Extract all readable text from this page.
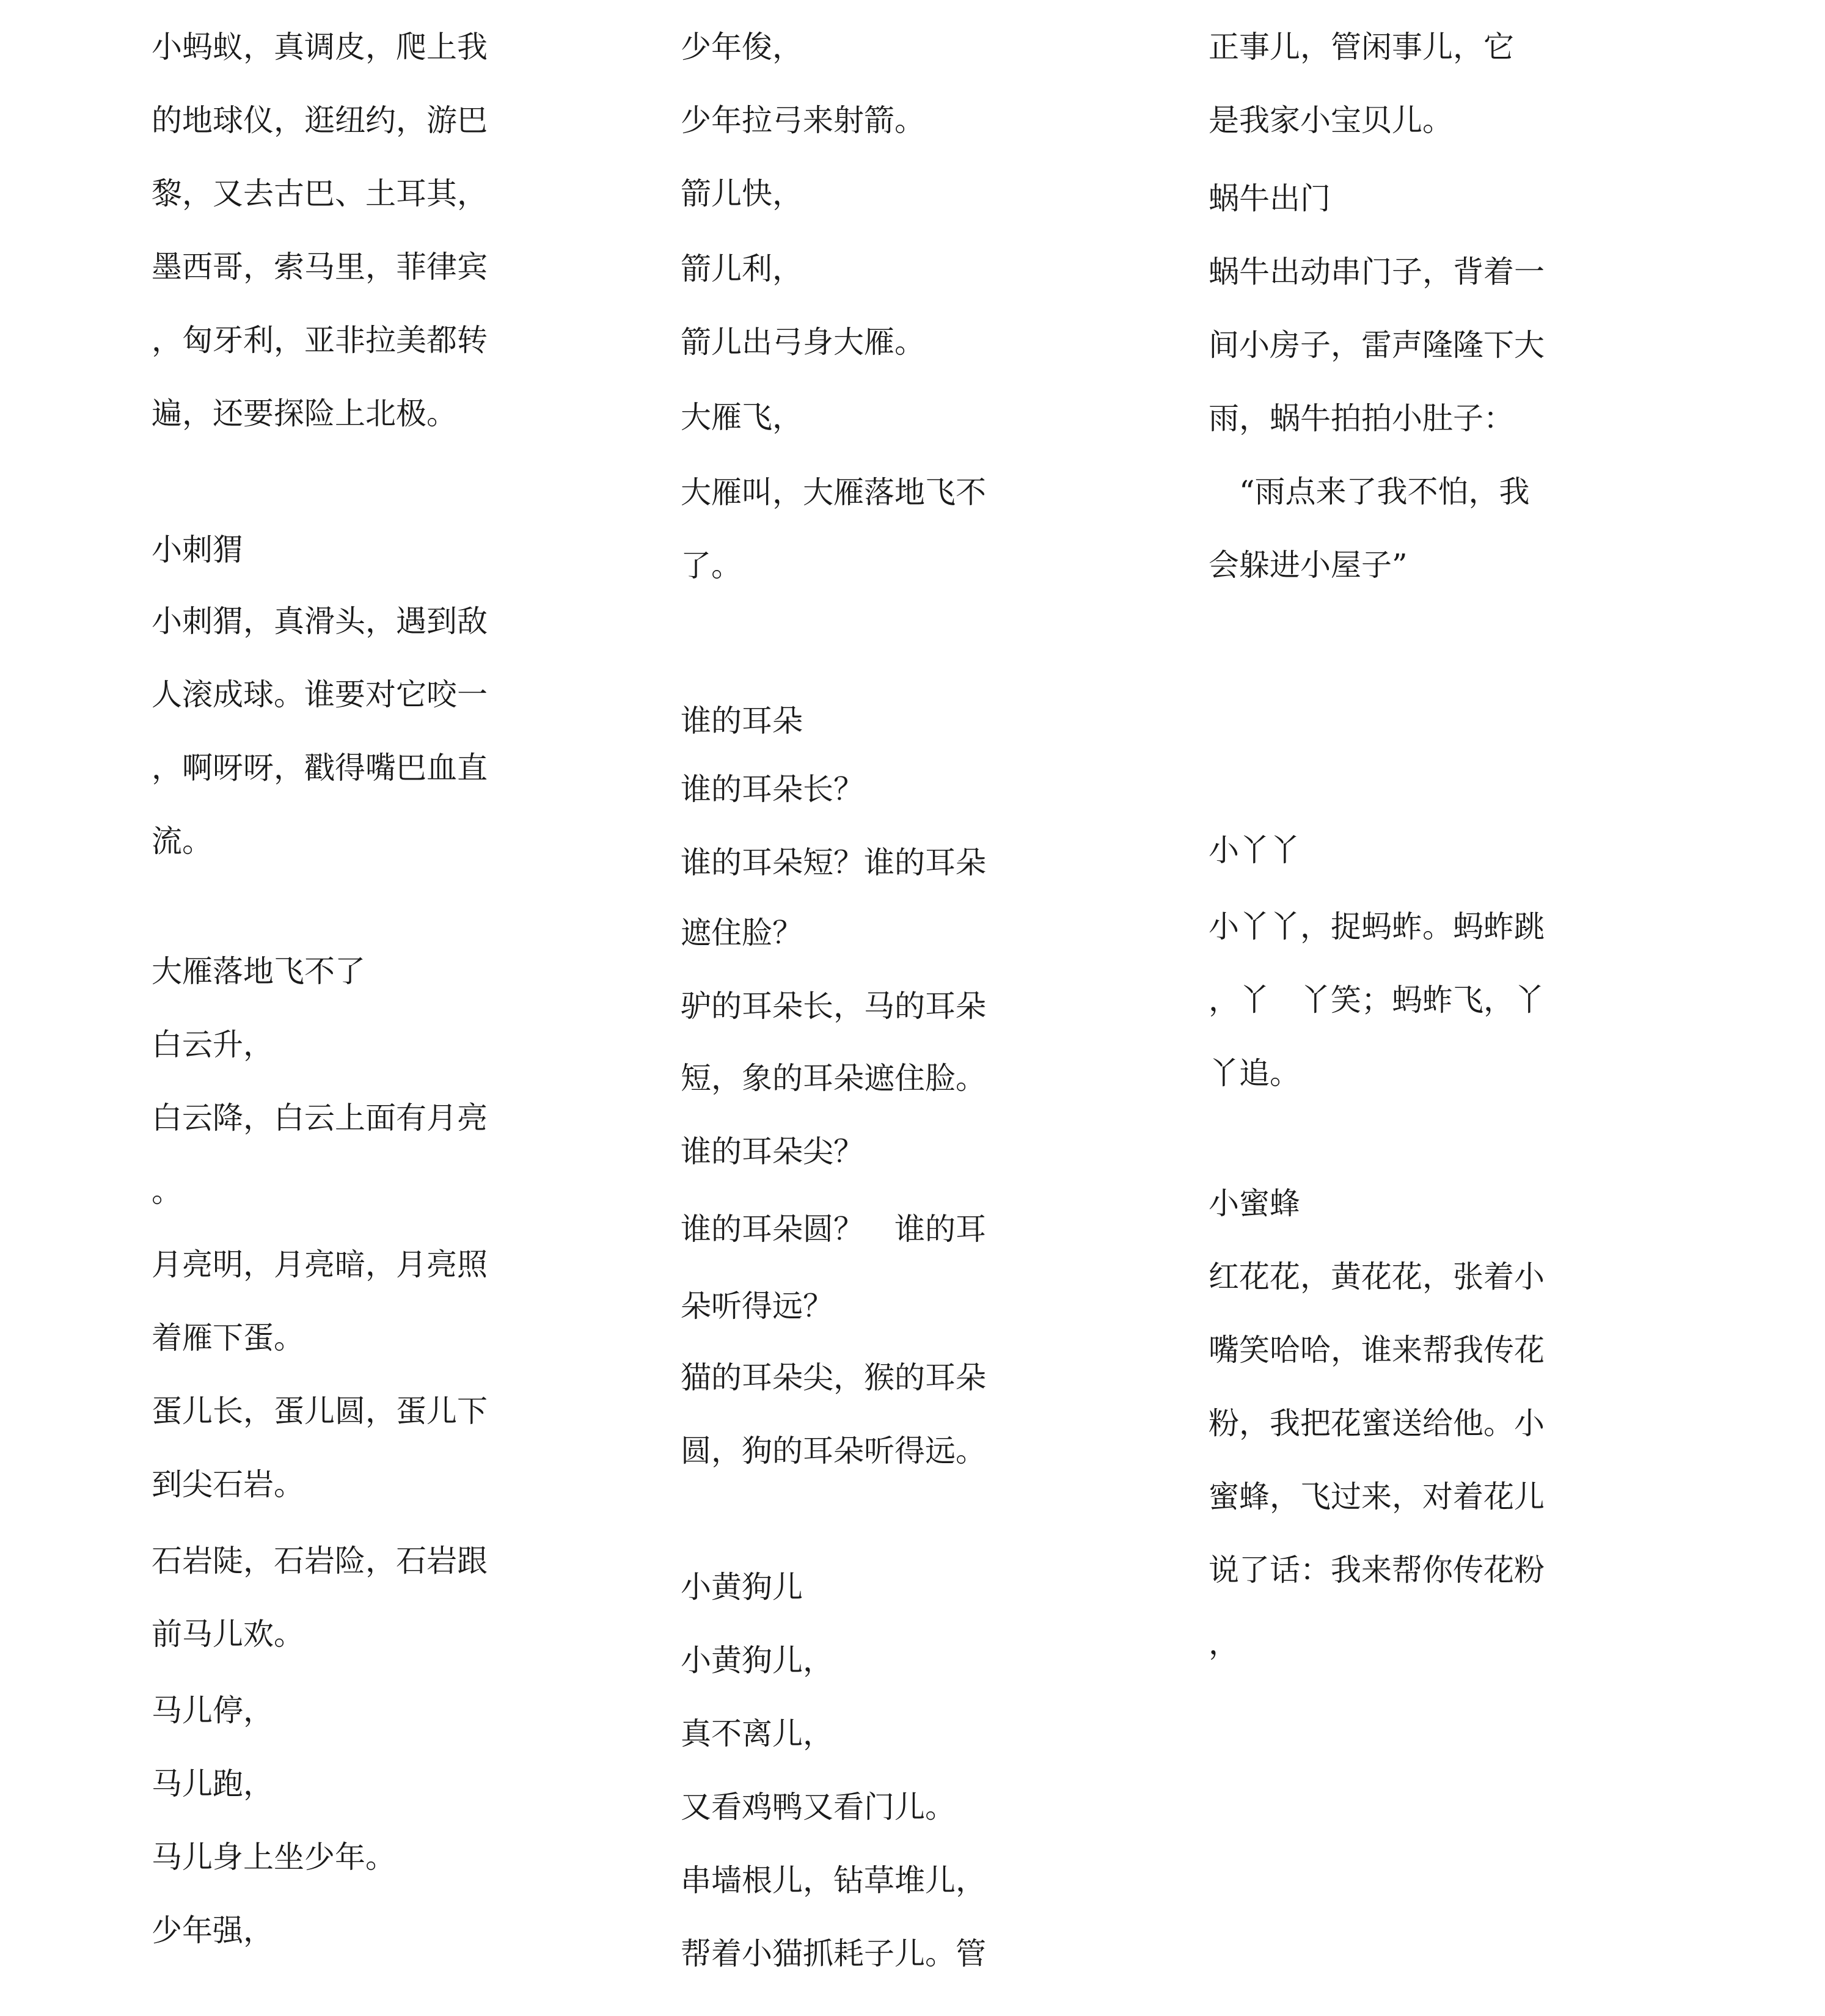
小蚂蚁，真调皮，爬上我
的地球仪，逛纽约，游巴
黎，又去古巴、土耳其，
墨西哥，索马里，菲律宾
，匈牙利，亚非拉美都转
遍，还要探险上北极。
小刺猬
小刺猬，真滑头，遇到敌
人滚成球。谁要对它咬一
，啊呀呀，戳得嘴巴血直
流。
大雁落地飞不了
白云升，
白云降，白云上面有月亮
。
月亮明，月亮暗，月亮照
着雁下蛋。
蛋儿长，蛋儿圆，蛋儿下
到尖石岩。
石岩陡，石岩险，石岩跟
前马儿欢。
马儿停，
马儿跑，
马儿身上坐少年。
少年强，
少年俊，
少年拉弓来射箭。
箭儿快，
箭儿利，
箭儿出弓身大雁。
大雁飞，
大雁叫，大雁落地飞不
了。
谁的耳朵
谁的耳朵长？
谁的耳朵短？谁的耳朵
遮住脸？
驴的耳朵长，马的耳朵
短，象的耳朵遮住脸。
谁的耳朵尖？
谁的耳朵圆？　谁的耳
朵听得远？
猫的耳朵尖，猴的耳朵
圆，狗的耳朵听得远。
小黄狗儿
小黄狗儿，
真不离儿，
又看鸡鸭又看门儿。
串墙根儿，钻草堆儿，
帮着小猫抓耗子儿。管
正事儿，管闲事儿，它
是我家小宝贝儿。
蜗牛出门
蜗牛出动串门子，背着一
间小房子，雷声隆隆下大
雨，蜗牛拍拍小肚子：
　“雨点来了我不怕，我
会躲进小屋子”
小丫丫
小丫丫，捉蚂蚱。蚂蚱跳
，丫　丫笑；蚂蚱飞，丫
丫追。
小蜜蜂
红花花，黄花花，张着小
嘴笑哈哈，谁来帮我传花
粉，我把花蜜送给他。小
蜜蜂，飞过来，对着花儿
说了话：我来帮你传花粉
，
